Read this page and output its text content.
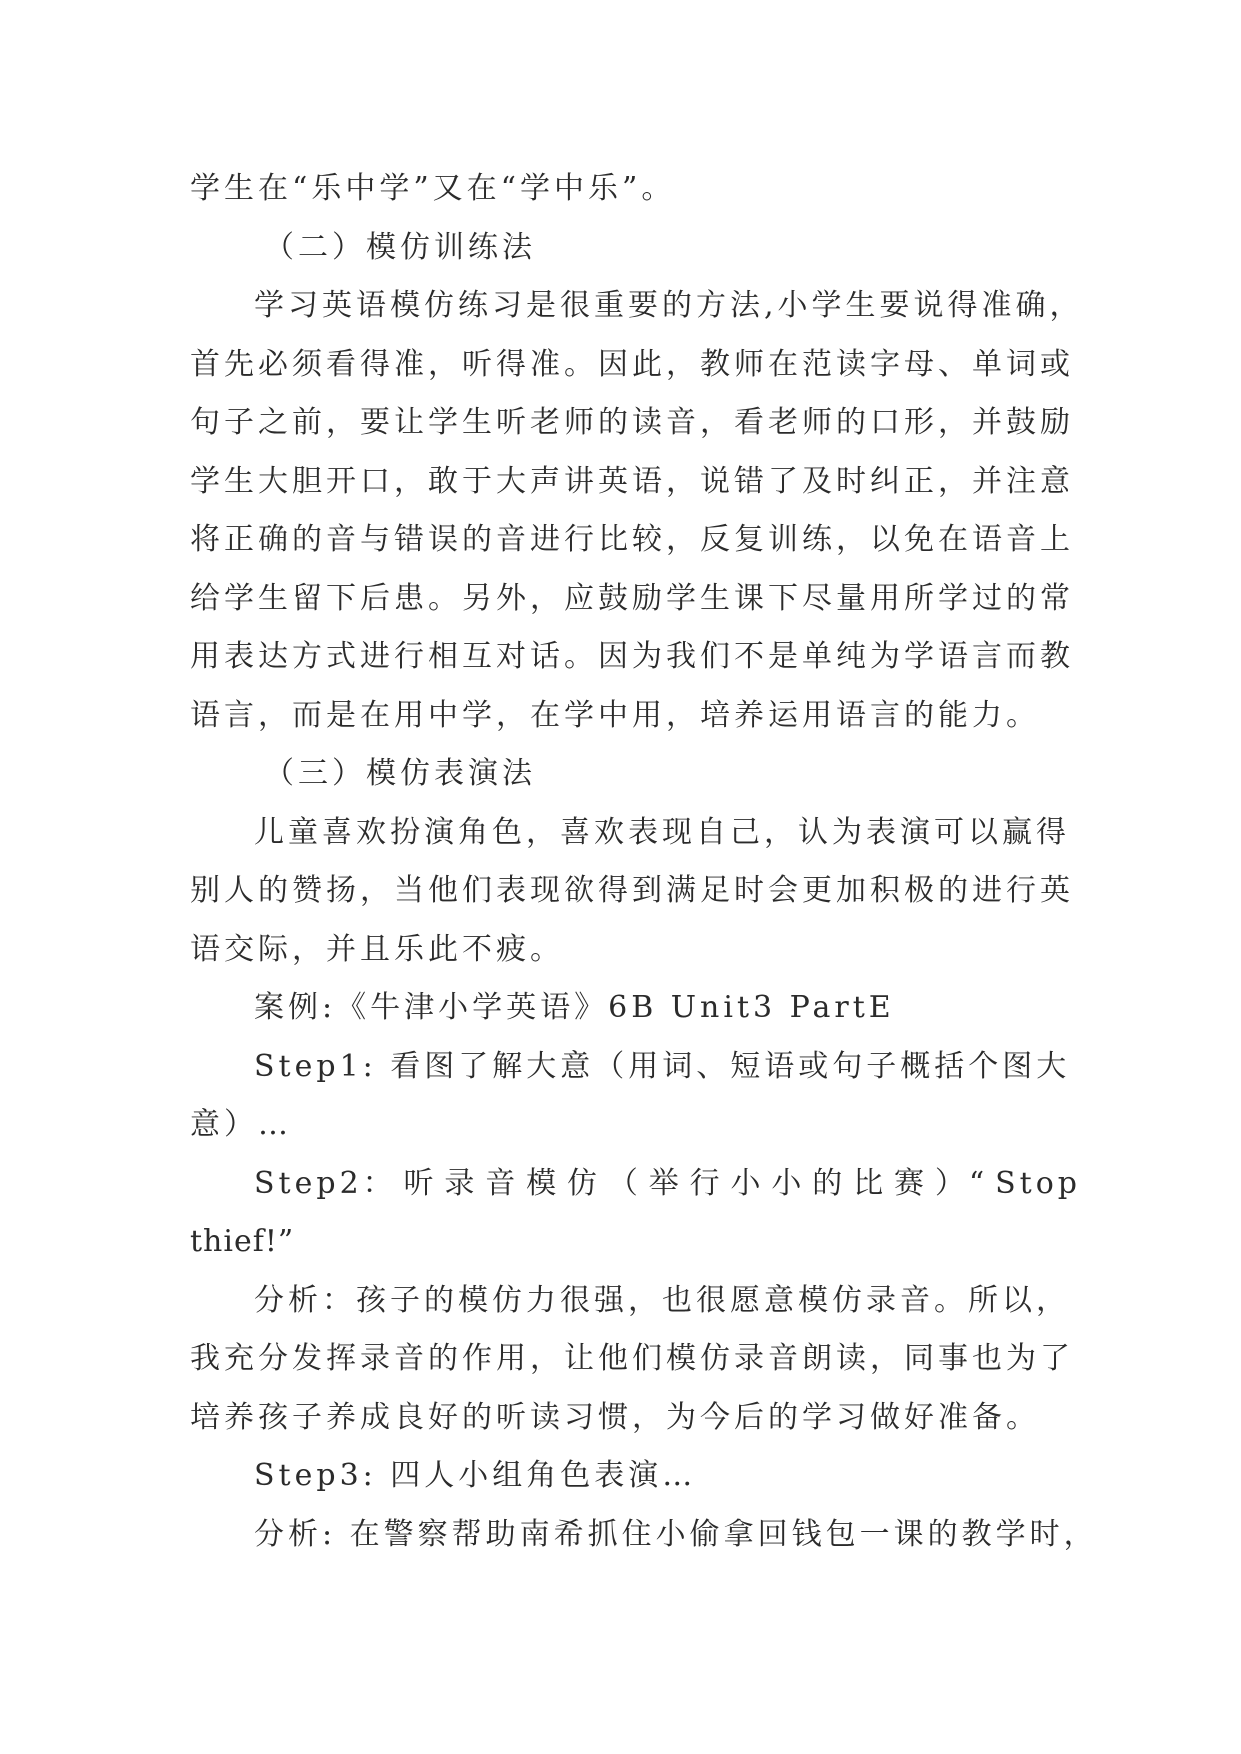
学生在“乐中学”又在“学中乐”。

（二）模仿训练法

学习英语模仿练习是很重要的方法,小学生要说得准确，

首先必须看得准，听得准。因此，教师在范读字母、单词或

句子之前，要让学生听老师的读音，看老师的口形，并鼓励

学生大胆开口，敢于大声讲英语，说错了及时纠正，并注意

将正确的音与错误的音进行比较，反复训练，以免在语音上

给学生留下后患。另外，应鼓励学生课下尽量用所学过的常

用表达方式进行相互对话。因为我们不是单纯为学语言而教

语言，而是在用中学，在学中用，培养运用语言的能力。

（三）模仿表演法

儿童喜欢扮演角色，喜欢表现自己，认为表演可以赢得

别人的赞扬，当他们表现欲得到满足时会更加积极的进行英

语交际，并且乐此不疲。

案例:《牛津小学英语》6B Unit3 PartE

Step1: 看图了解大意（用词、短语或句子概括个图大

意）…

Step2： 听 录 音 模 仿 （ 举 行 小 小 的 比 赛 ）“ Stop

thief!”

分析：孩子的模仿力很强，也很愿意模仿录音。所以，

我充分发挥录音的作用，让他们模仿录音朗读，同事也为了

培养孩子养成良好的听读习惯，为今后的学习做好准备。

Step3: 四人小组角色表演…

分析: 在警察帮助南希抓住小偷拿回钱包一课的教学时，
